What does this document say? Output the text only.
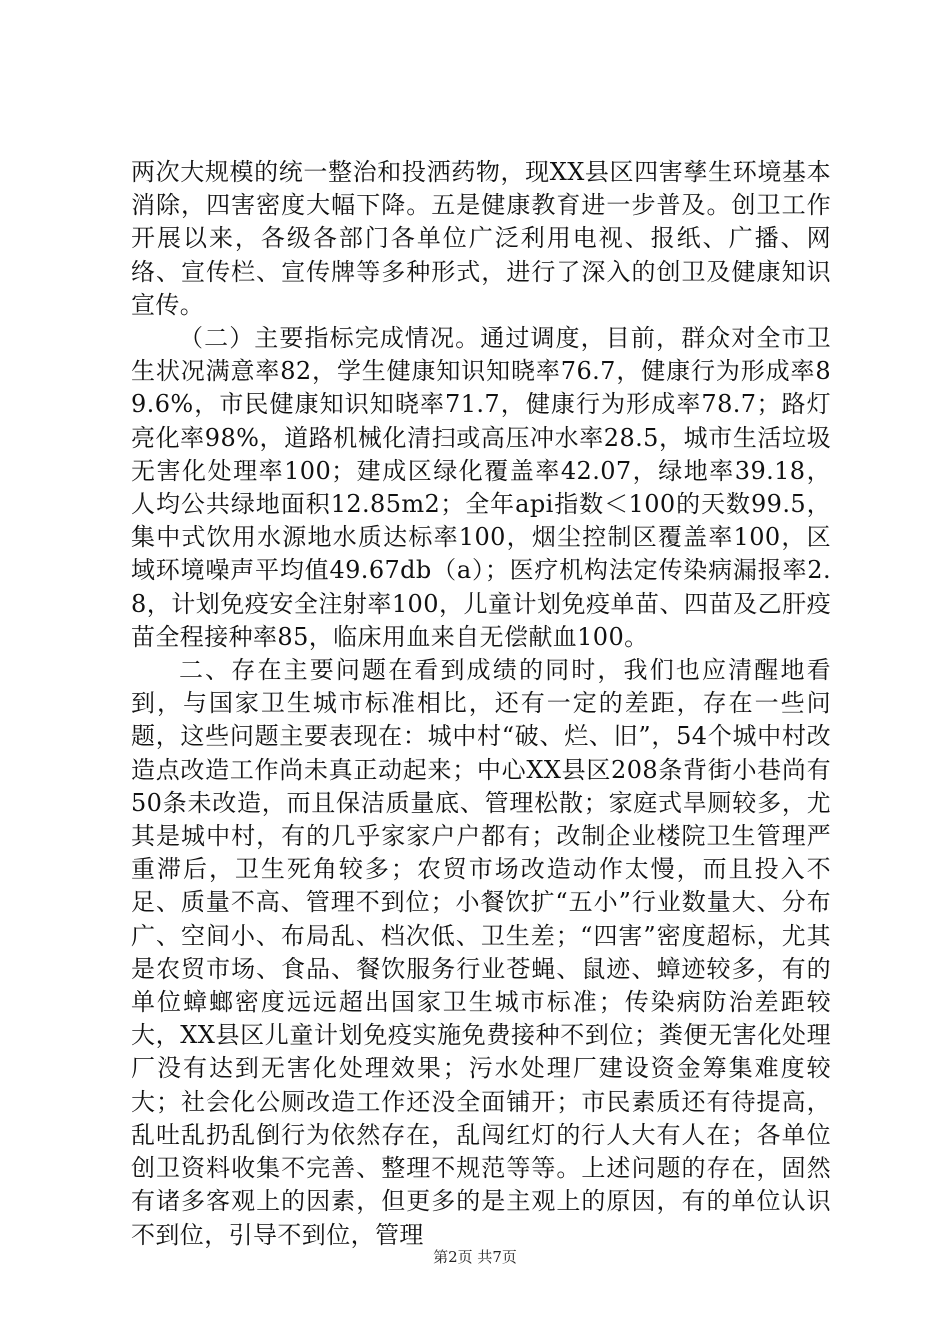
两次大规模的统一整治和投洒药物，现XX县区四害孳生环境基本消除，四害密度大幅下降。五是健康教育进一步普及。创卫工作开展以来，各级各部门各单位广泛利用电视、报纸、广播、网络、宣传栏、宣传牌等多种形式，进行了深入的创卫及健康知识宣传。

（二）主要指标完成情况。通过调度，目前，群众对全市卫生状况满意率82，学生健康知识知晓率76.7，健康行为形成率89.6%，市民健康知识知晓率71.7，健康行为形成率78.7；路灯亮化率98%，道路机械化清扫或高压冲水率28.5，城市生活垃圾无害化处理率100；建成区绿化覆盖率42.07，绿地率39.18，人均公共绿地面积12.85m2；全年api指数＜100的天数99.5，集中式饮用水源地水质达标率100，烟尘控制区覆盖率100，区域环境噪声平均值49.67db（a）；医疗机构法定传染病漏报率2.8，计划免疫安全注射率100，儿童计划免疫单苗、四苗及乙肝疫苗全程接种率85，临床用血来自无偿献血100。

二、存在主要问题在看到成绩的同时，我们也应清醒地看到，与国家卫生城市标准相比，还有一定的差距，存在一些问题，这些问题主要表现在：城中村“破、烂、旧”，54个城中村改造点改造工作尚未真正动起来；中心XX县区208条背街小巷尚有50条未改造，而且保洁质量底、管理松散；家庭式旱厕较多，尤其是城中村，有的几乎家家户户都有；改制企业楼院卫生管理严重滞后，卫生死角较多；农贸市场改造动作太慢，而且投入不足、质量不高、管理不到位；小餐饮扩“五小”行业数量大、分布广、空间小、布局乱、档次低、卫生差；“四害”密度超标，尤其是农贸市场、食品、餐饮服务行业苍蝇、鼠迹、蟑迹较多，有的单位蟑螂密度远远超出国家卫生城市标准；传染病防治差距较大，XX县区儿童计划免疫实施免费接种不到位；粪便无害化处理厂没有达到无害化处理效果；污水处理厂建设资金筹集难度较大；社会化公厕改造工作还没全面铺开；市民素质还有待提高，乱吐乱扔乱倒行为依然存在，乱闯红灯的行人大有人在；各单位创卫资料收集不完善、整理不规范等等。上述问题的存在，固然有诸多客观上的因素，但更多的是主观上的原因，有的单位认识不到位，引导不到位，管理

第2页 共7页
